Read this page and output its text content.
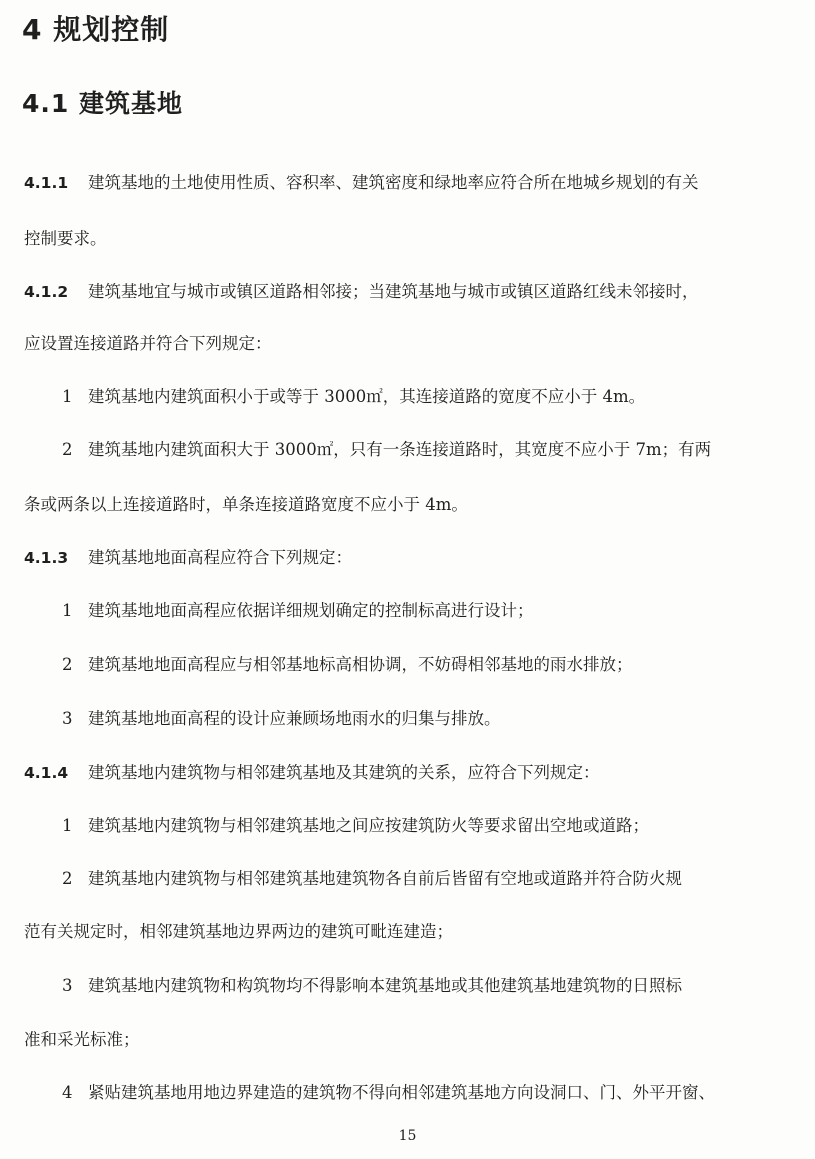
4 规划控制
4.1 建筑基地
4.1.1 建筑基地的土地使用性质、容积率、建筑密度和绿地率应符合所在地城乡规划的有关
控制要求。
4.1.2 建筑基地宜与城市或镇区道路相邻接；当建筑基地与城市或镇区道路红线未邻接时，
应设置连接道路并符合下列规定：
1 建筑基地内建筑面积小于或等于 3000㎡，其连接道路的宽度不应小于 4m。
2 建筑基地内建筑面积大于 3000㎡，只有一条连接道路时，其宽度不应小于 7m；有两
条或两条以上连接道路时，单条连接道路宽度不应小于 4m。
4.1.3 建筑基地地面高程应符合下列规定：
1 建筑基地地面高程应依据详细规划确定的控制标高进行设计；
2 建筑基地地面高程应与相邻基地标高相协调，不妨碍相邻基地的雨水排放；
3 建筑基地地面高程的设计应兼顾场地雨水的归集与排放。
4.1.4 建筑基地内建筑物与相邻建筑基地及其建筑的关系，应符合下列规定：
1 建筑基地内建筑物与相邻建筑基地之间应按建筑防火等要求留出空地或道路；
2 建筑基地内建筑物与相邻建筑基地建筑物各自前后皆留有空地或道路并符合防火规
范有关规定时，相邻建筑基地边界两边的建筑可毗连建造；
3 建筑基地内建筑物和构筑物均不得影响本建筑基地或其他建筑基地建筑物的日照标
准和采光标准；
4 紧贴建筑基地用地边界建造的建筑物不得向相邻建筑基地方向设洞口、门、外平开窗、
15
